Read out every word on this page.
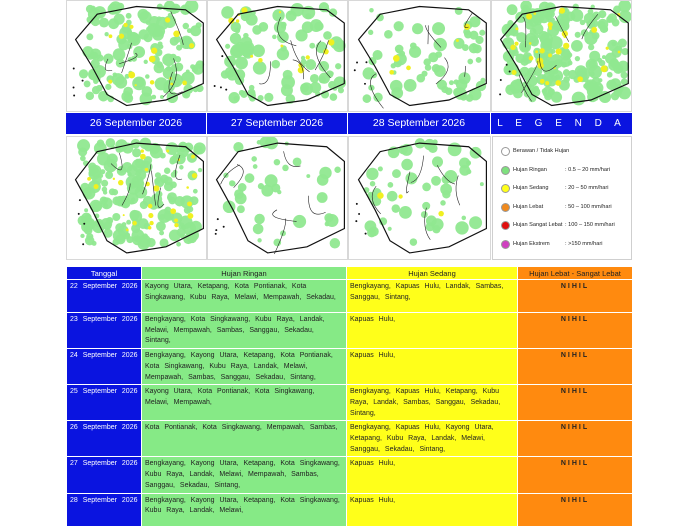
26 September 2026	27 September 2026	28 September 2026	L E G E N D A
Berawan / Tidak Hujan
Hujan Ringan	: 0.5 – 20 mm/hari
Hujan Sedang	: 20 – 50 mm/hari
Hujan Lebat	: 50 – 100 mm/hari
Hujan Sangat Lebat : 100 – 150 mm/hari
Hujan Ekstrem	: >150 mm/hari
Tanggal	Hujan Ringan	Hujan Sedang	Hujan Lebat - Sangat Lebat
22 September 2026	Kayong Utara, Ketapang, Kota Pontianak, Kota Singkawang, Kubu Raya, Melawi, Mempawah, Sekadau,	Bengkayang, Kapuas Hulu, Landak, Sambas, Sanggau, Sintang,	NIHIL
23 September 2026	Bengkayang, Kota Singkawang, Kubu Raya, Landak, Melawi, Mempawah, Sambas, Sanggau, Sekadau, Sintang,	Kapuas Hulu,	NIHIL
24 September 2026	Bengkayang, Kayong Utara, Ketapang, Kota Pontianak, Kota Singkawang, Kubu Raya, Landak, Melawi, Mempawah, Sambas, Sanggau, Sekadau, Sintang,	Kapuas Hulu,	NIHIL
25 September 2026	Kayong Utara, Kota Pontianak, Kota Singkawang, Melawi, Mempawah,	Bengkayang, Kapuas Hulu, Ketapang, Kubu Raya, Landak, Sambas, Sanggau, Sekadau, Sintang,	NIHIL
26 September 2026	Kota Pontianak, Kota Singkawang, Mempawah, Sambas,	Bengkayang, Kapuas Hulu, Kayong Utara, Ketapang, Kubu Raya, Landak, Melawi, Sanggau, Sekadau, Sintang,	NIHIL
27 September 2026	Bengkayang, Kayong Utara, Ketapang, Kota Singkawang, Kubu Raya, Landak, Melawi, Mempawah, Sambas, Sanggau, Sekadau, Sintang,	Kapuas Hulu,	NIHIL
28 September 2026	Bengkayang, Kayong Utara, Ketapang, Kota Singkawang, Kubu Raya, Landak, Melawi,	Kapuas Hulu,	NIHIL
